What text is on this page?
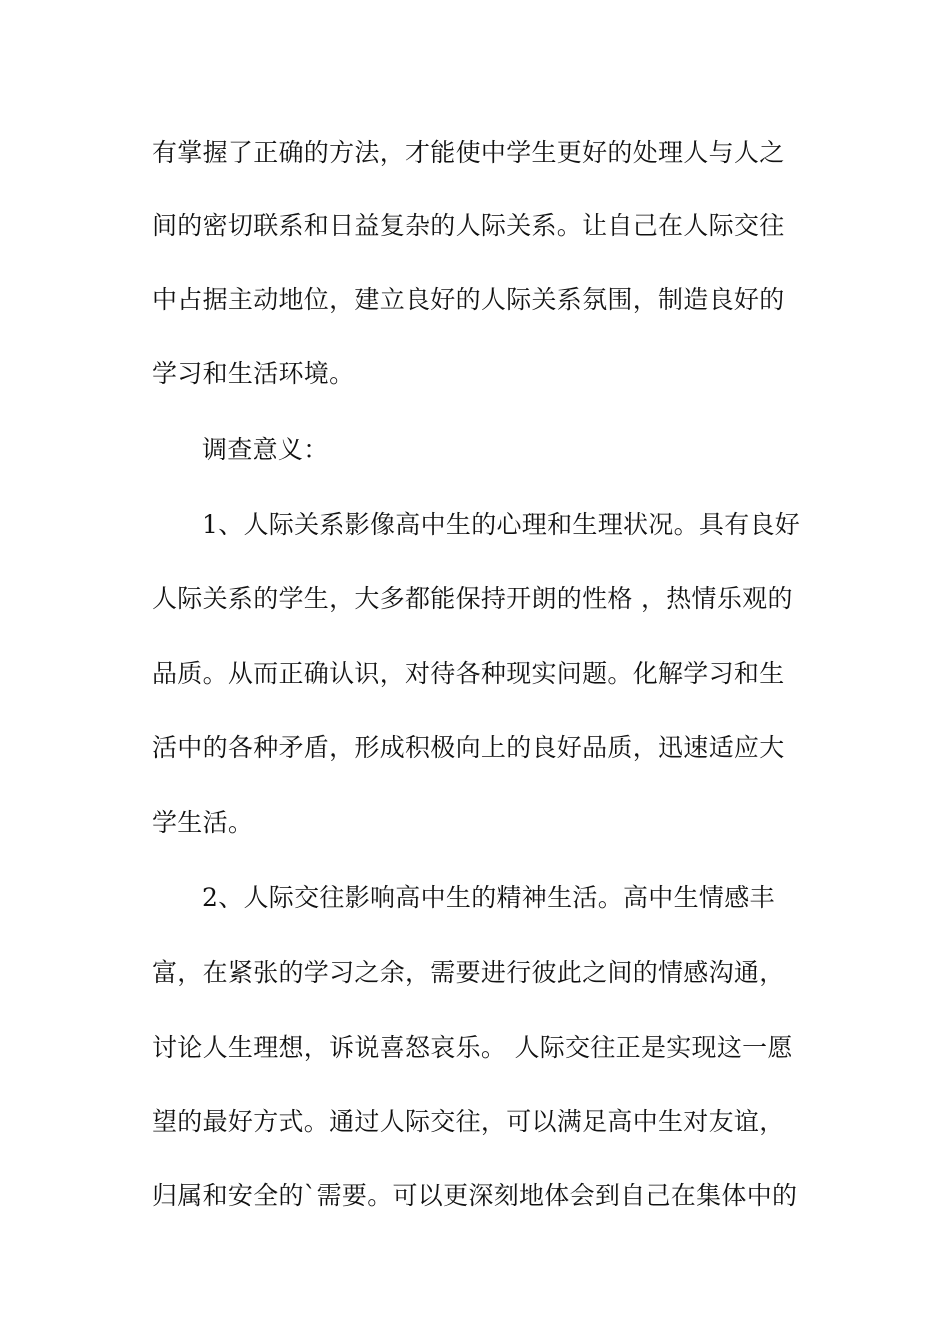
有掌握了正确的方法，才能使中学生更好的处理人与人之
间的密切联系和日益复杂的人际关系。让自己在人际交往
中占据主动地位，建立良好的人际关系氛围，制造良好的
学习和生活环境。
调查意义：
1、人际关系影像高中生的心理和生理状况。具有良好
人际关系的学生，大多都能保持开朗的性格 ，热情乐观的
品质。从而正确认识，对待各种现实问题。化解学习和生
活中的各种矛盾，形成积极向上的良好品质，迅速适应大
学生活。
2、人际交往影响高中生的精神生活。高中生情感丰
富，在紧张的学习之余，需要进行彼此之间的情感沟通，
讨论人生理想，诉说喜怒哀乐。 人际交往正是实现这一愿
望的最好方式。通过人际交往，可以满足高中生对友谊，
归属和安全的`需要。可以更深刻地体会到自己在集体中的
